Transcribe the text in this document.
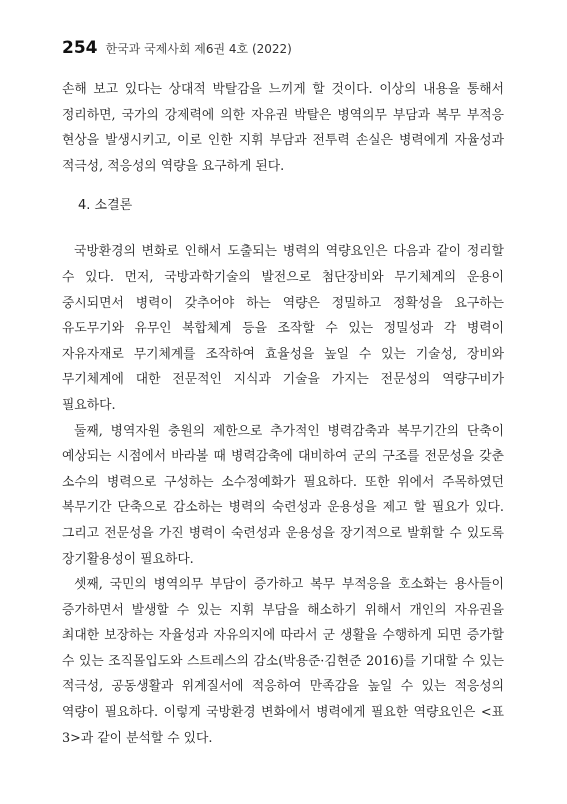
254 한국과 국제사회 제6권 4호 (2022)

손해 보고 있다는 상대적 박탈감을 느끼게 할 것이다. 이상의 내용을 통해서 정리하면, 국가의 강제력에 의한 자유권 박탈은 병역의무 부담과 복무 부적응 현상을 발생시키고, 이로 인한 지휘 부담과 전투력 손실은 병력에게 자율성과 적극성, 적응성의 역량을 요구하게 된다.

4. 소결론

국방환경의 변화로 인해서 도출되는 병력의 역량요인은 다음과 같이 정리할 수 있다. 먼저, 국방과학기술의 발전으로 첨단장비와 무기체계의 운용이 중시되면서 병력이 갖추어야 하는 역량은 정밀하고 정확성을 요구하는 유도무기와 유무인 복합체계 등을 조작할 수 있는 정밀성과 각 병력이 자유자재로 무기체계를 조작하여 효율성을 높일 수 있는 기술성, 장비와 무기체계에 대한 전문적인 지식과 기술을 가지는 전문성의 역량구비가 필요하다.

둘째, 병역자원 충원의 제한으로 추가적인 병력감축과 복무기간의 단축이 예상되는 시점에서 바라볼 때 병력감축에 대비하여 군의 구조를 전문성을 갖춘 소수의 병력으로 구성하는 소수정예화가 필요하다. 또한 위에서 주목하였던 복무기간 단축으로 감소하는 병력의 숙련성과 운용성을 제고 할 필요가 있다. 그리고 전문성을 가진 병력이 숙련성과 운용성을 장기적으로 발휘할 수 있도록 장기활용성이 필요하다.

셋째, 국민의 병역의무 부담이 증가하고 복무 부적응을 호소화는 용사들이 증가하면서 발생할 수 있는 지휘 부담을 해소하기 위해서 개인의 자유권을 최대한 보장하는 자율성과 자유의지에 따라서 군 생활을 수행하게 되면 증가할 수 있는 조직몰입도와 스트레스의 감소(박용준·김현준 2016)를 기대할 수 있는 적극성, 공동생활과 위계질서에 적응하여 만족감을 높일 수 있는 적응성의 역량이 필요하다. 이렇게 국방환경 변화에서 병력에게 필요한 역량요인은 <표 3>과 같이 분석할 수 있다.
